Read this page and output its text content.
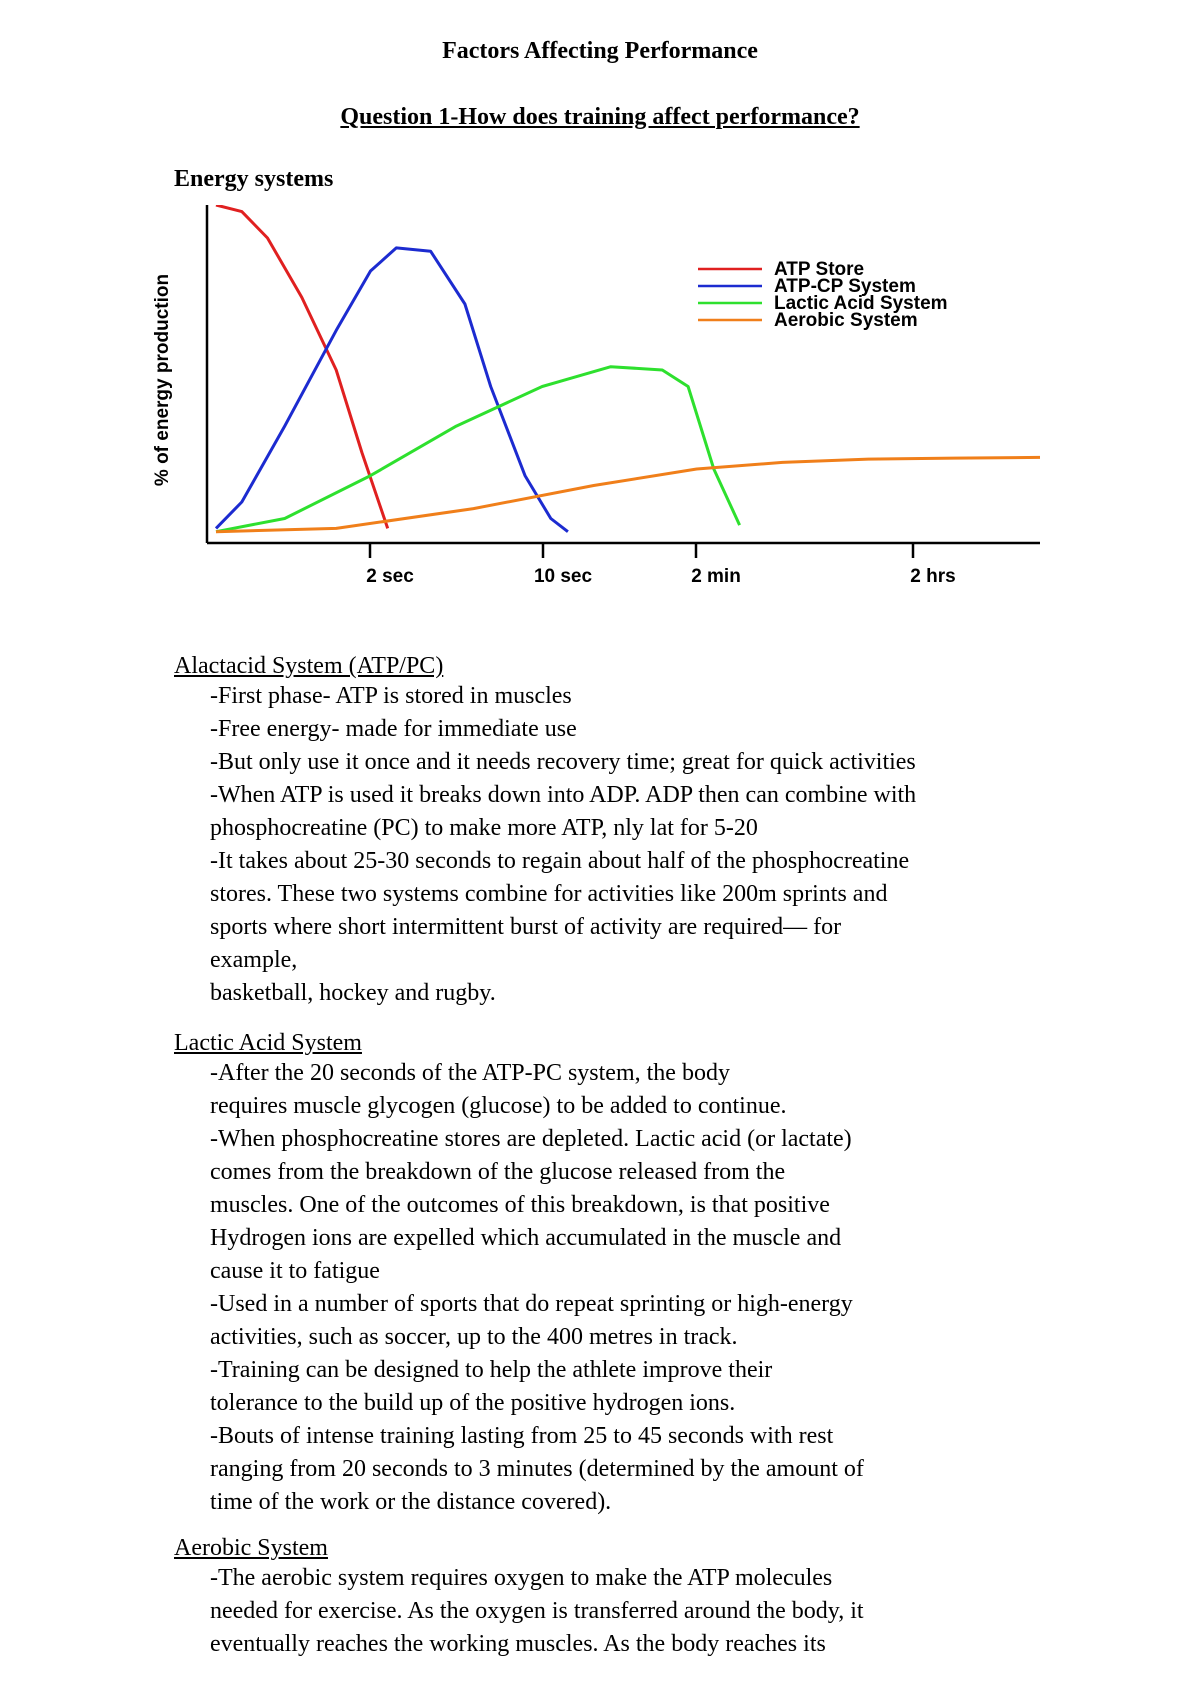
Factors Affecting Performance
Question 1-How does training affect performance?
Energy systems
% of energy production
2 sec	10 sec	2 min	2 hrs
ATP Store
ATP-CP System
Lactic Acid System
Aerobic System
Alactacid System (ATP/PC)
-First phase- ATP is stored in muscles
-Free energy- made for immediate use
-But only use it once and it needs recovery time; great for quick activities
-When ATP is used it breaks down into ADP. ADP then can combine with
phosphocreatine (PC) to make more ATP, nly lat for 5-20
-It takes about 25-30 seconds to regain about half of the phosphocreatine
stores. These two systems combine for activities like 200m sprints and
sports where short intermittent burst of activity are required— for
example,
basketball, hockey and rugby.
Lactic Acid System
-After the 20 seconds of the ATP-PC system, the body
requires muscle glycogen (glucose) to be added to continue.
-When phosphocreatine stores are depleted. Lactic acid (or lactate)
comes from the breakdown of the glucose released from the
muscles. One of the outcomes of this breakdown, is that positive
Hydrogen ions are expelled which accumulated in the muscle and
cause it to fatigue
-Used in a number of sports that do repeat sprinting or high-energy
activities, such as soccer, up to the 400 metres in track.
-Training can be designed to help the athlete improve their
tolerance to the build up of the positive hydrogen ions.
-Bouts of intense training lasting from 25 to 45 seconds with rest
ranging from 20 seconds to 3 minutes (determined by the amount of
time of the work or the distance covered).
Aerobic System
-The aerobic system requires oxygen to make the ATP molecules
needed for exercise. As the oxygen is transferred around the body, it
eventually reaches the working muscles. As the body reaches its
